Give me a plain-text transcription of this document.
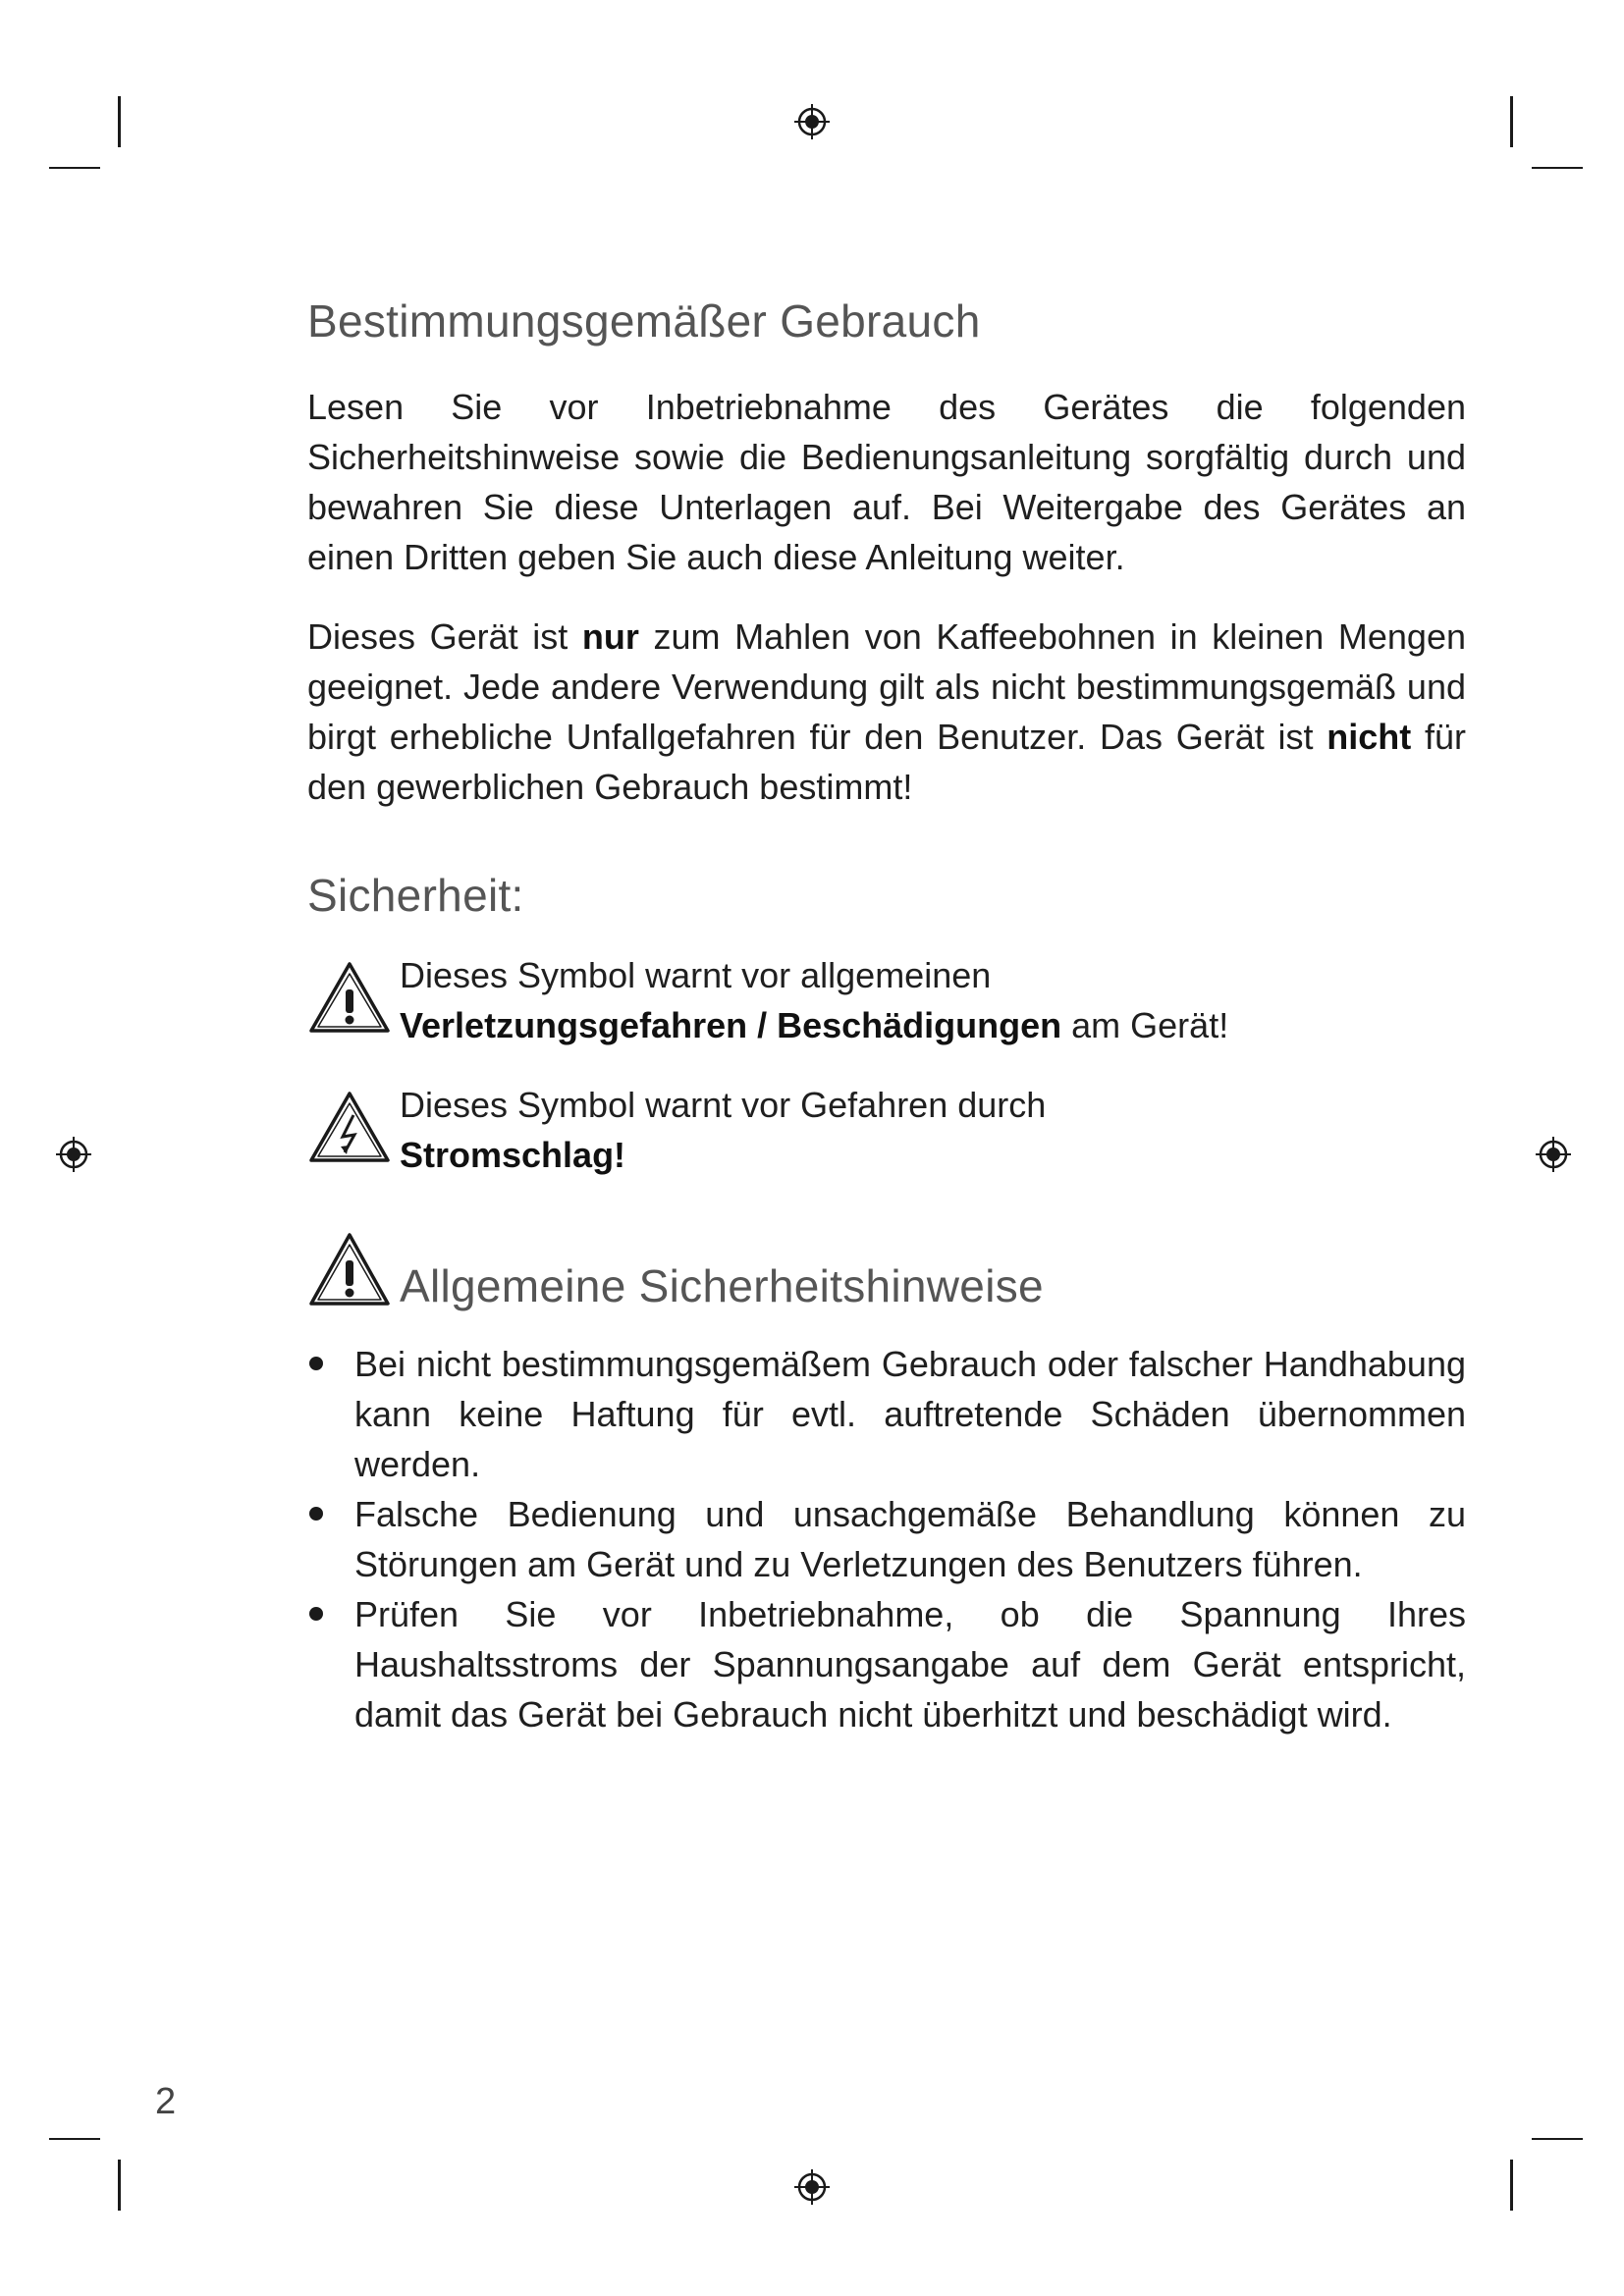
Bestimmungsgemäßer Gebrauch

Lesen Sie vor Inbetriebnahme des Gerätes die folgenden Sicherheitshinweise sowie die Bedienungsanleitung sorgfältig durch und bewahren Sie diese Unterlagen auf. Bei Weitergabe des Gerätes an einen Dritten geben Sie auch diese Anleitung weiter.

Dieses Gerät ist nur zum Mahlen von Kaffeebohnen in kleinen Mengen geeignet. Jede andere Verwendung gilt als nicht bestimmungsgemäß und birgt erhebliche Unfallgefahren für den Benutzer. Das Gerät ist nicht für den gewerblichen Gebrauch bestimmt!

Sicherheit:
Dieses Symbol warnt vor allgemeinen
Verletzungsgefahren / Beschädigungen am Gerät!
Dieses Symbol warnt vor Gefahren durch
Stromschlag!
Allgemeine Sicherheitshinweise
Bei nicht bestimmungsgemäßem Gebrauch oder falscher Handhabung kann keine Haftung für evtl. auftretende Schäden übernommen werden.
Falsche Bedienung und unsachgemäße Behandlung können zu Störungen am Gerät und zu Verletzungen des Benutzers führen.
Prüfen Sie vor Inbetriebnahme, ob die Spannung Ihres Haushaltsstroms der Spannungsangabe auf dem Gerät entspricht, damit das Gerät bei Gebrauch nicht überhitzt und beschädigt wird.
2
